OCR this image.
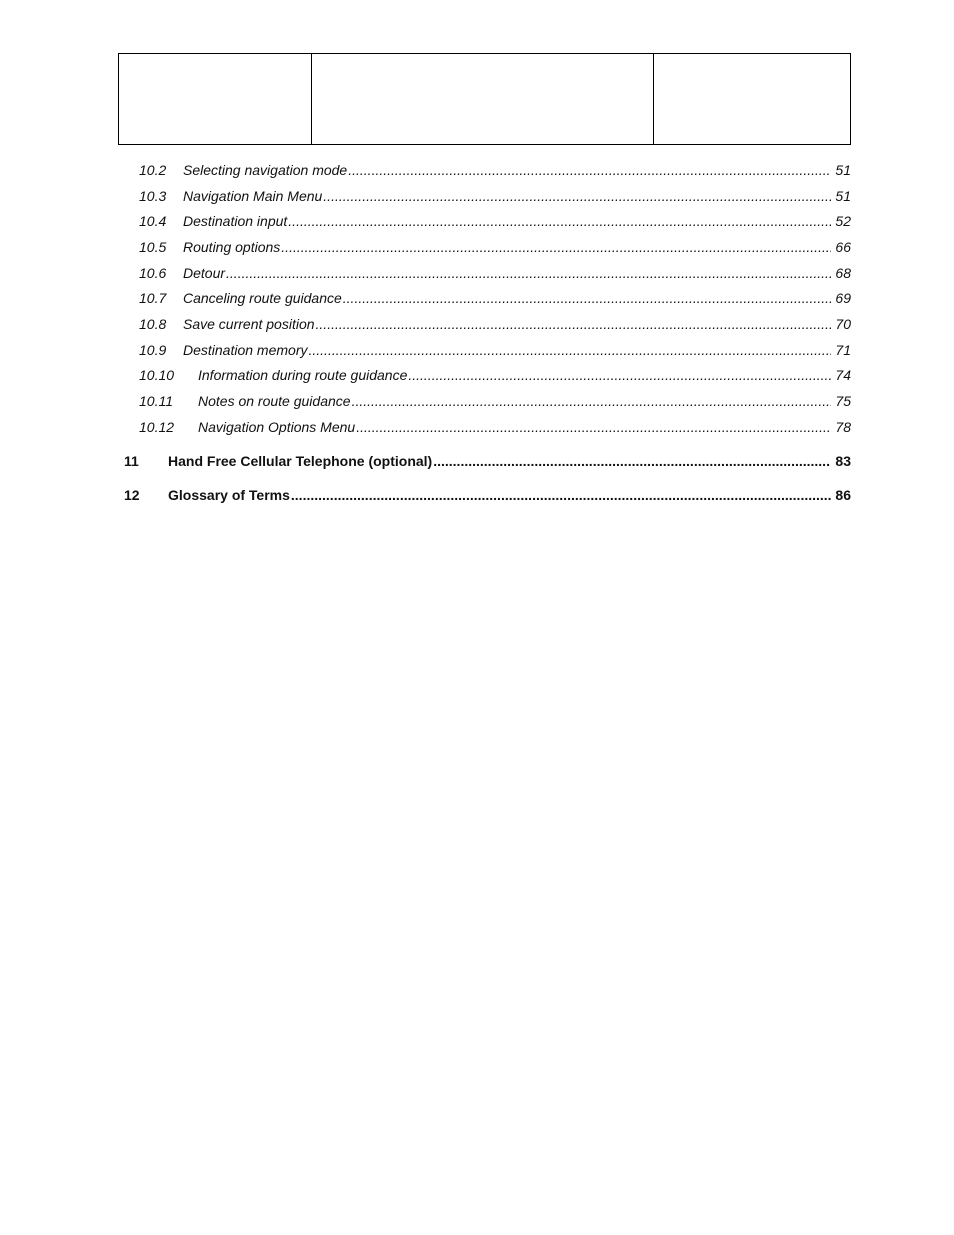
10.2	Selecting navigation mode .....	51
10.3	Navigation Main Menu .....	51
10.4	Destination input .....	52
10.5	Routing options .....	66
10.6	Detour .....	68
10.7	Canceling route guidance .....	69
10.8	Save current position .....	70
10.9	Destination memory .....	71
10.10	Information during route guidance .....	74
10.11	Notes on route guidance .....	75
10.12	Navigation Options Menu .....	78
11	Hand Free Cellular Telephone (optional) .....	83
12	Glossary of Terms .....	86
